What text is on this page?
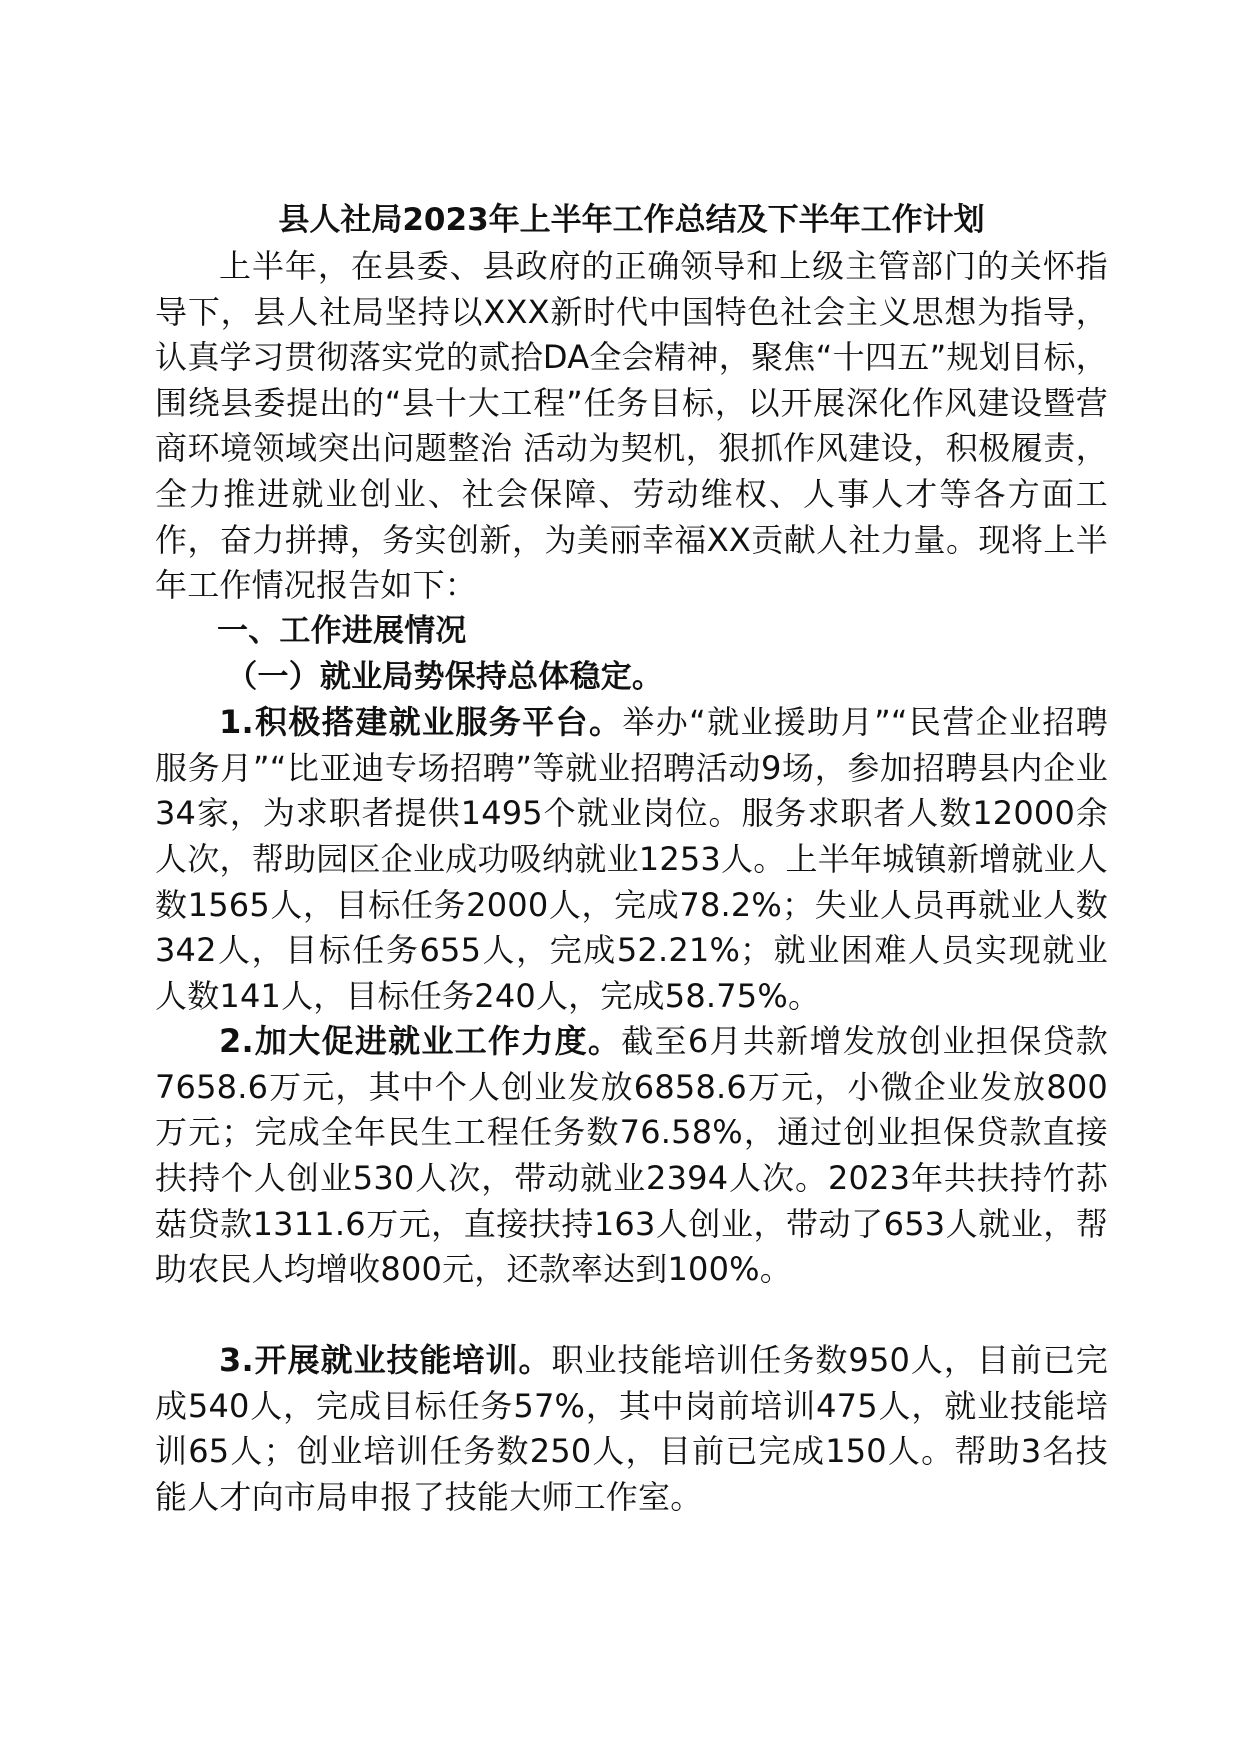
县人社局2023年上半年工作总结及下半年工作计划

上半年，在县委、县政府的正确领导和上级主管部门的关怀指导下，县人社局坚持以XXX新时代中国特色社会主义思想为指导，认真学习贯彻落实党的贰拾DA全会精神，聚焦“十四五”规划目标，围绕县委提出的“县十大工程”任务目标，以开展深化作风建设暨营商环境领域突出问题整治 活动为契机，狠抓作风建设，积极履责，全力推进就业创业、社会保障、劳动维权、人事人才等各方面工作，奋力拼搏，务实创新，为美丽幸福XX贡献人社力量。现将上半年工作情况报告如下：

一、工作进展情况

（一）就业局势保持总体稳定。

1.积极搭建就业服务平台。举办“就业援助月”“民营企业招聘服务月”“比亚迪专场招聘”等就业招聘活动9场，参加招聘县内企业34家，为求职者提供1495个就业岗位。服务求职者人数12000余人次，帮助园区企业成功吸纳就业1253人。上半年城镇新增就业人数1565人，目标任务2000人，完成78.2%；失业人员再就业人数342人，目标任务655人，完成52.21%；就业困难人员实现就业人数141人，目标任务240人，完成58.75%。

2.加大促进就业工作力度。截至6月共新增发放创业担保贷款7658.6万元，其中个人创业发放6858.6万元，小微企业发放800万元；完成全年民生工程任务数76.58%，通过创业担保贷款直接扶持个人创业530人次，带动就业2394人次。2023年共扶持竹荪菇贷款1311.6万元，直接扶持163人创业，带动了653人就业，帮助农民人均增收800元，还款率达到100%。

3.开展就业技能培训。职业技能培训任务数950人，目前已完成540人，完成目标任务57%，其中岗前培训475人，就业技能培训65人；创业培训任务数250人，目前已完成150人。帮助3名技能人才向市局申报了技能大师工作室。
